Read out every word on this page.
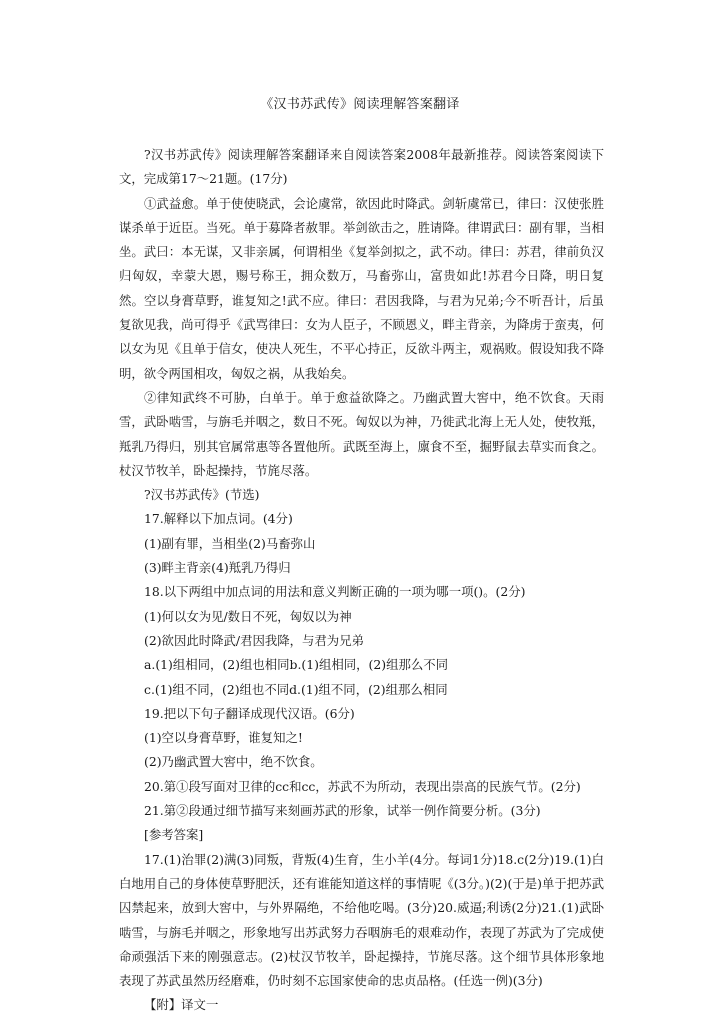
《汉书苏武传》阅读理解答案翻译

?汉书苏武传》阅读理解答案翻译来自阅读答案2008年最新推荐。阅读答案阅读下文，完成第17～21题。(17分)

①武益愈。单于使使晓武，会论虞常，欲因此时降武。剑斩虞常已，律曰：汉使张胜谋杀单于近臣。当死。单于募降者赦罪。举剑欲击之，胜请降。律谓武曰：副有罪，当相坐。武曰：本无谋，又非亲属，何谓相坐《复举剑拟之，武不动。律曰：苏君，律前负汉归匈奴，幸蒙大恩，赐号称王，拥众数万，马畜弥山，富贵如此!苏君今日降，明日复然。空以身膏草野，谁复知之!武不应。律曰：君因我降，与君为兄弟;今不听吾计，后虽复欲见我，尚可得乎《武骂律曰：女为人臣子，不顾恩义，畔主背亲，为降虏于蛮夷，何以女为见《且单于信女，使决人死生，不平心持正，反欲斗两主，观祸败。假设知我不降明，欲令两国相攻，匈奴之祸，从我始矣。

②律知武终不可胁，白单于。单于愈益欲降之。乃幽武置大窖中，绝不饮食。天雨雪，武卧啮雪，与旃毛并咽之，数日不死。匈奴以为神，乃徙武北海上无人处，使牧羝，羝乳乃得归，别其官属常惠等各置他所。武既至海上，廪食不至，掘野鼠去草实而食之。杖汉节牧羊，卧起操持，节旄尽落。

?汉书苏武传》(节选)

17.解释以下加点词。(4分)

(1)副有罪，当相坐(2)马畜弥山

(3)畔主背亲(4)羝乳乃得归

18.以下两组中加点词的用法和意义判断正确的一项为哪一项()。(2分)

(1)何以女为见/数日不死，匈奴以为神

(2)欲因此时降武/君因我降，与君为兄弟

a.(1)组相同，(2)组也相同b.(1)组相同，(2)组那么不同

c.(1)组不同，(2)组也不同d.(1)组不同，(2)组那么相同

19.把以下句子翻译成现代汉语。(6分)

(1)空以身膏草野，谁复知之!

(2)乃幽武置大窖中，绝不饮食。

20.第①段写面对卫律的cc和cc，苏武不为所动，表现出崇高的民族气节。(2分)

21.第②段通过细节描写来刻画苏武的形象，试举一例作简要分析。(3分)

[参考答案]

17.(1)治罪(2)满(3)同叛，背叛(4)生育，生小羊(4分。每词1分)18.c(2分)19.(1)白白地用自己的身体使草野肥沃，还有谁能知道这样的事情呢《(3分。)(2)(于是)单于把苏武囚禁起来，放到大窖中，与外界隔绝，不给他吃喝。(3分)20.威逼;利诱(2分)21.(1)武卧啮雪，与旃毛并咽之，形象地写出苏武努力吞咽旃毛的艰难动作，表现了苏武为了完成使命顽强活下来的刚强意志。(2)杖汉节牧羊，卧起操持，节旄尽落。这个细节具体形象地表现了苏武虽然历经磨难，仍时刻不忘国家使命的忠贞品格。(任选一例)(3分)

【附】译文一
